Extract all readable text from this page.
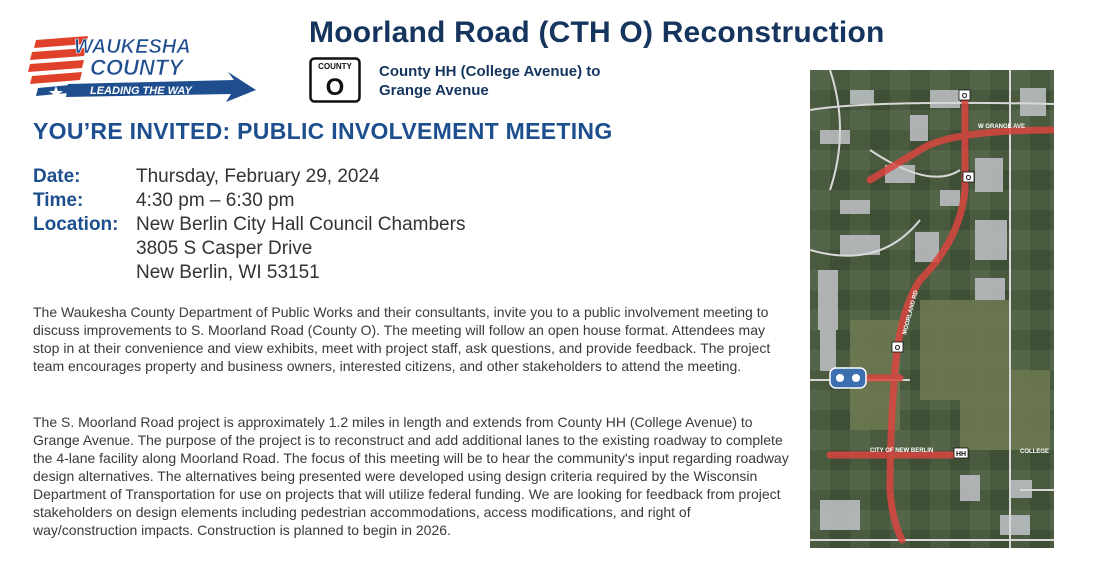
WAUKESHA
COUNTY
LEADING THE WAY
Moorland Road (CTH O) Reconstruction
COUNTY
O
County HH (College Avenue) to
Grange Avenue
YOU’RE INVITED: PUBLIC INVOLVEMENT MEETING
Date:	Thursday, February 29, 2024
Time:	4:30 pm – 6:30 pm
Location: New Berlin City Hall Council Chambers
3805 S Casper Drive
New Berlin, WI 53151
The Waukesha County Department of Public Works and their consultants, invite you to a public involvement meeting to discuss improvements to S. Moorland Road (County O). The meeting will follow an open house format. Attendees may stop in at their convenience and view exhibits, meet with project staff, ask questions, and provide feedback. The project team encourages property and business owners, interested citizens, and other stakeholders to attend the meeting.
The S. Moorland Road project is approximately 1.2 miles in length and extends from County HH (College Avenue) to Grange Avenue. The purpose of the project is to reconstruct and add additional lanes to the existing roadway to complete the 4-lane facility along Moorland Road. The focus of this meeting will be to hear the community's input regarding roadway design alternatives. The alternatives being presented were developed using design criteria required by the Wisconsin Department of Transportation for use on projects that will utilize federal funding. We are looking for feedback from project stakeholders on design elements including pedestrian accommodations, access modifications, and right of way/construction impacts. Construction is planned to begin in 2026.
O
O
O
HH
W GRANGE AVE
MOORLAND RD
CITY OF NEW BERLIN	COLLEGE
